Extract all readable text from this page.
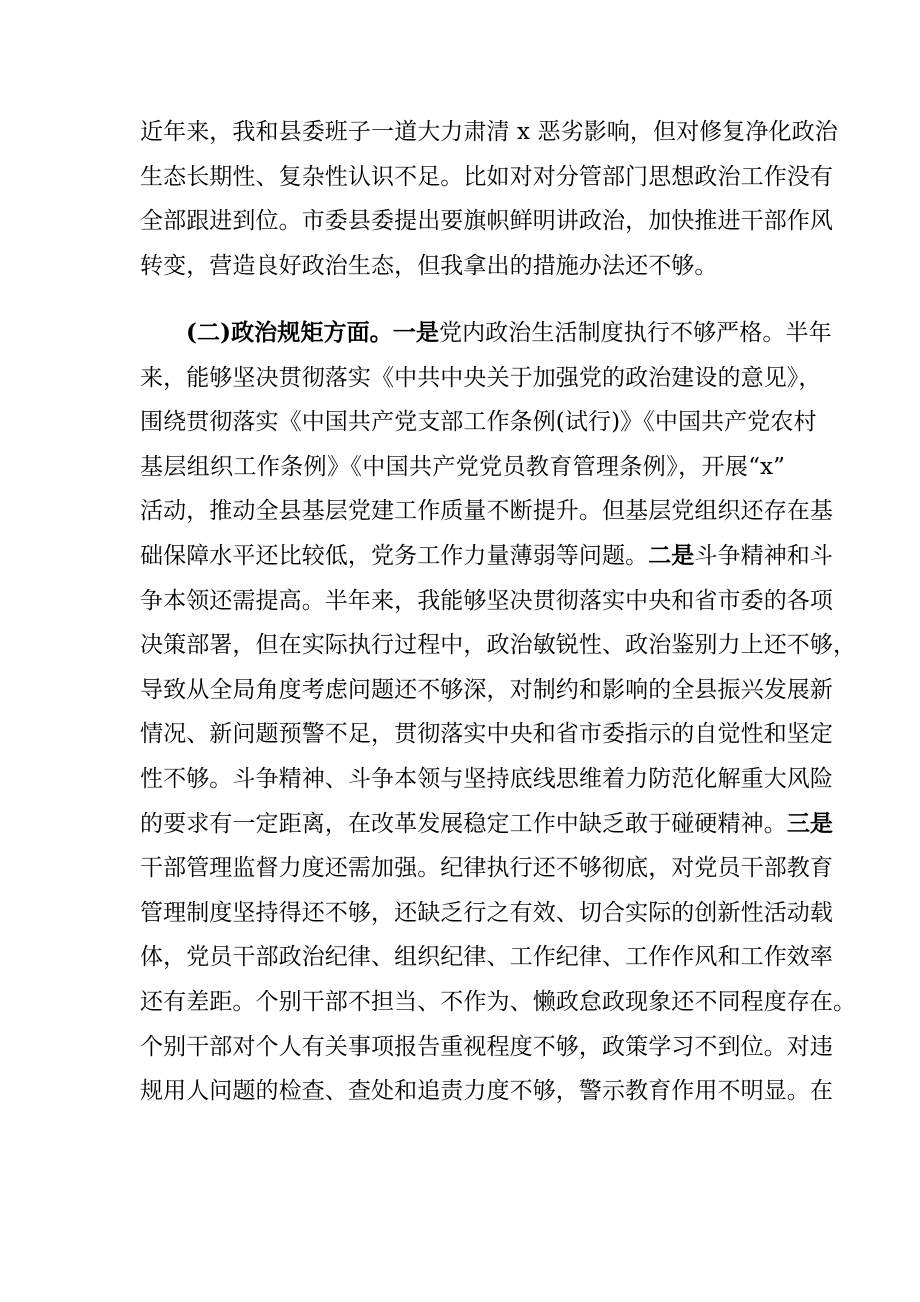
近年来，我和县委班子一道大力肃清 x 恶劣影响，但对修复净化政治
生态长期性、复杂性认识不足。比如对对分管部门思想政治工作没有
全部跟进到位。市委县委提出要旗帜鲜明讲政治，加快推进干部作风
转变，营造良好政治生态，但我拿出的措施办法还不够。
(二)政治规矩方面。一是党内政治生活制度执行不够严格。半年
来，能够坚决贯彻落实《中共中央关于加强党的政治建设的意见》，
围绕贯彻落实《中国共产党支部工作条例(试行)》《中国共产党农村
基层组织工作条例》《中国共产党党员教育管理条例》，开展“x”
活动，推动全县基层党建工作质量不断提升。但基层党组织还存在基
础保障水平还比较低，党务工作力量薄弱等问题。二是斗争精神和斗
争本领还需提高。半年来，我能够坚决贯彻落实中央和省市委的各项
决策部署，但在实际执行过程中，政治敏锐性、政治鉴别力上还不够，
导致从全局角度考虑问题还不够深，对制约和影响的全县振兴发展新
情况、新问题预警不足，贯彻落实中央和省市委指示的自觉性和坚定
性不够。斗争精神、斗争本领与坚持底线思维着力防范化解重大风险
的要求有一定距离，在改革发展稳定工作中缺乏敢于碰硬精神。三是
干部管理监督力度还需加强。纪律执行还不够彻底，对党员干部教育
管理制度坚持得还不够，还缺乏行之有效、切合实际的创新性活动载
体，党员干部政治纪律、组织纪律、工作纪律、工作作风和工作效率
还有差距。个别干部不担当、不作为、懒政怠政现象还不同程度存在。
个别干部对个人有关事项报告重视程度不够，政策学习不到位。对违
规用人问题的检查、查处和追责力度不够，警示教育作用不明显。在
